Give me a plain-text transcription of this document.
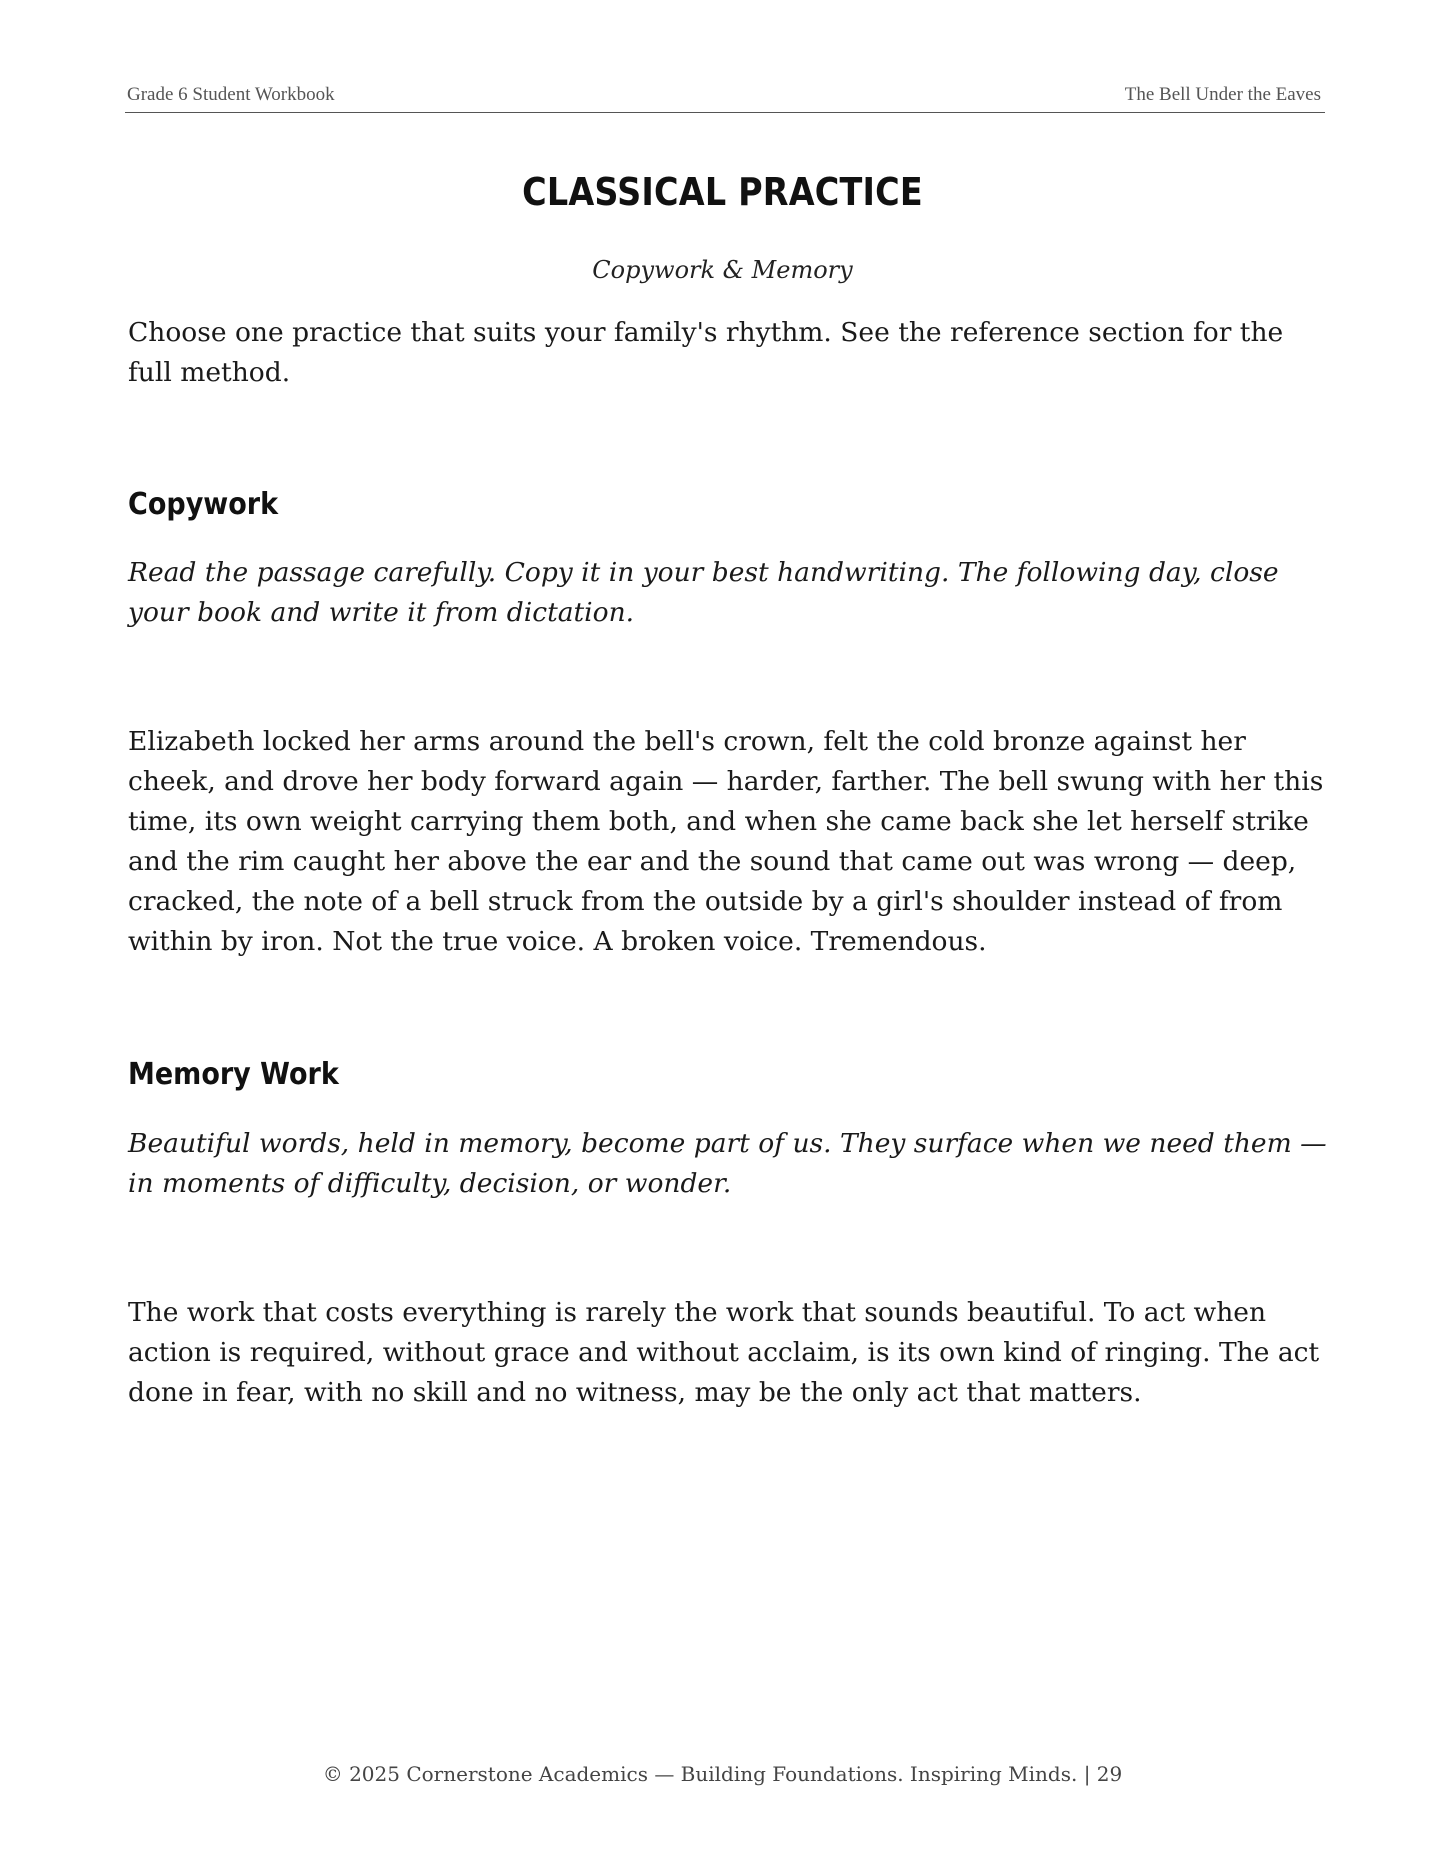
Grade 6 Student Workbook	The Bell Under the Eaves
CLASSICAL PRACTICE
Copywork & Memory

Choose one practice that suits your family's rhythm. See the reference section for the full method.

Copywork

Read the passage carefully. Copy it in your best handwriting. The following day, close your book and write it from dictation.

Elizabeth locked her arms around the bell's crown, felt the cold bronze against her cheek, and drove her body forward again — harder, farther. The bell swung with her this time, its own weight carrying them both, and when she came back she let herself strike and the rim caught her above the ear and the sound that came out was wrong — deep, cracked, the note of a bell struck from the outside by a girl's shoulder instead of from within by iron. Not the true voice. A broken voice. Tremendous.

Memory Work

Beautiful words, held in memory, become part of us. They surface when we need them — in moments of difficulty, decision, or wonder.

The work that costs everything is rarely the work that sounds beautiful. To act when action is required, without grace and without acclaim, is its own kind of ringing. The act done in fear, with no skill and no witness, may be the only act that matters.

© 2025 Cornerstone Academics — Building Foundations. Inspiring Minds. | 29
